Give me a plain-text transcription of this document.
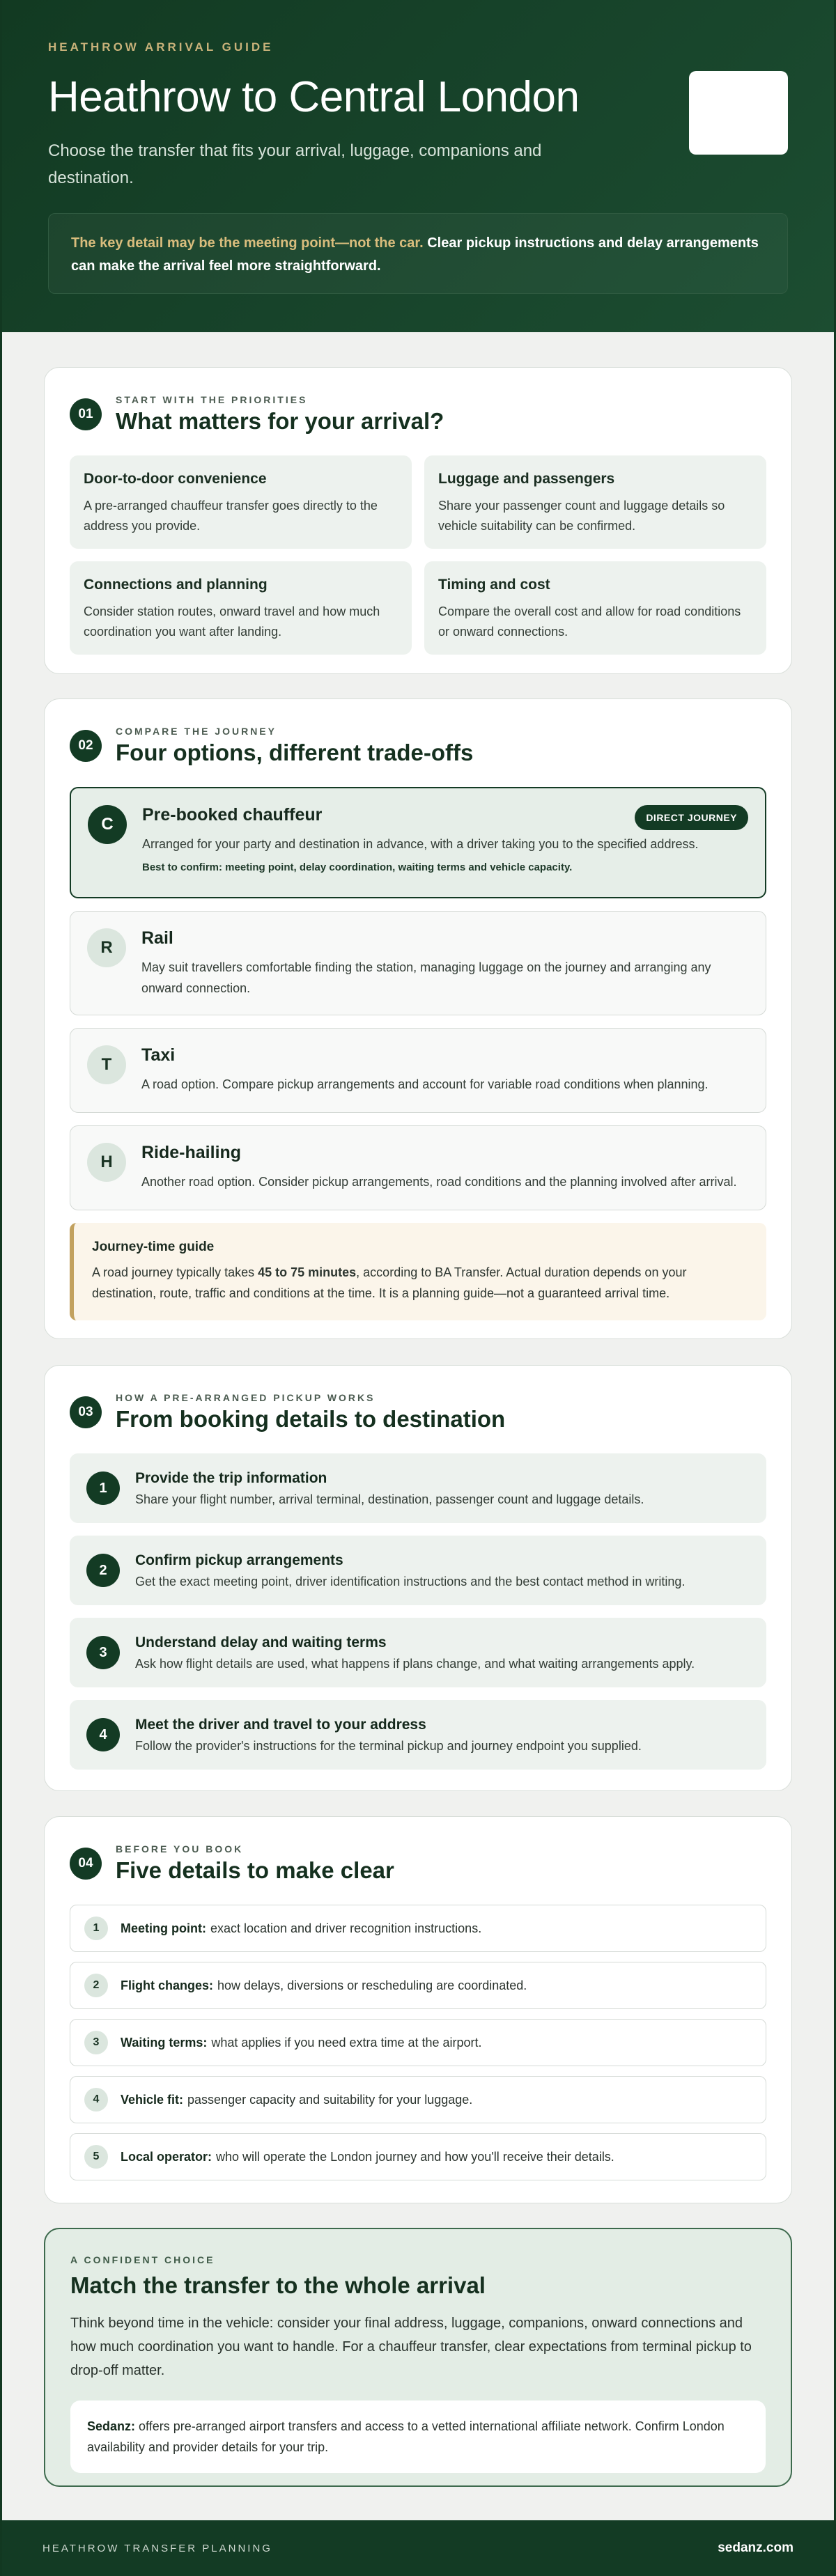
HEATHROW ARRIVAL GUIDE
Heathrow to Central London

Choose the transfer that fits your arrival, luggage, companions and destination.

The key detail may be the meeting point—not the car. Clear pickup instructions and delay arrangements can make the arrival feel more straightforward.
01
START WITH THE PRIORITIES
What matters for your arrival?
Door-to-door convenience

A pre-arranged chauffeur transfer goes directly to the address you provide.

Luggage and passengers

Share your passenger count and luggage details so vehicle suitability can be confirmed.

Connections and planning

Consider station routes, onward travel and how much coordination you want after landing.

Timing and cost

Compare the overall cost and allow for road conditions or onward connections.

02
COMPARE THE JOURNEY
Four options, different trade-offs
C	Pre-booked chauffeur

Arranged for your party and destination in advance, with a driver taking you to the specified address.

Best to confirm: meeting point, delay coordination, waiting terms and vehicle capacity.

DIRECT JOURNEY
R	Rail

May suit travellers comfortable finding the station, managing luggage on the journey and arranging any onward connection.

T	Taxi

A road option. Compare pickup arrangements and account for variable road conditions when planning.

H	Ride-hailing

Another road option. Consider pickup arrangements, road conditions and the planning involved after arrival.

Journey-time guide

A road journey typically takes 45 to 75 minutes, according to BA Transfer. Actual duration depends on your destination, route, traffic and conditions at the time. It is a planning guide—not a guaranteed arrival time.

03
HOW A PRE-ARRANGED PICKUP WORKS
From booking details to destination
1
Provide the trip information

Share your flight number, arrival terminal, destination, passenger count and luggage details.

2
Confirm pickup arrangements

Get the exact meeting point, driver identification instructions and the best contact method in writing.

3
Understand delay and waiting terms

Ask how flight details are used, what happens if plans change, and what waiting arrangements apply.

4
Meet the driver and travel to your address

Follow the provider's instructions for the terminal pickup and journey endpoint you supplied.

04
BEFORE YOU BOOK
Five details to make clear
1	Meeting point: exact location and driver recognition instructions.
2	Flight changes: how delays, diversions or rescheduling are coordinated.
3	Waiting terms: what applies if you need extra time at the airport.
4	Vehicle fit: passenger capacity and suitability for your luggage.
5	Local operator: who will operate the London journey and how you'll receive their details.
A CONFIDENT CHOICE
Match the transfer to the whole arrival

Think beyond time in the vehicle: consider your final address, luggage, companions, onward connections and how much coordination you want to handle. For a chauffeur transfer, clear expectations from terminal pickup to drop-off matter.

Sedanz: offers pre-arranged airport transfers and access to a vetted international affiliate network. Confirm London availability and provider details for your trip.
HEATHROW TRANSFER PLANNING	sedanz.com
